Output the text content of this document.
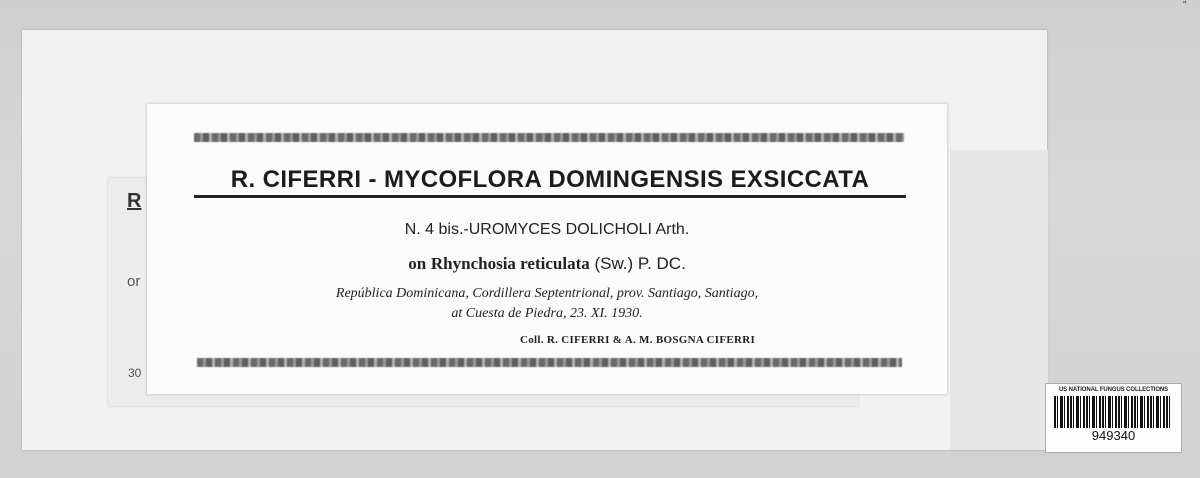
R
or
30
R. CIFERRI - MYCOFLORA DOMINGENSIS EXSICCATA
N. 4 bis.-UROMYCES DOLICHOLI Arth.
on Rhynchosia reticulata (Sw.) P. DC.
República Dominicana, Cordillera Septentrional, prov. Santiago, Santiago,
at Cuesta de Piedra, 23. XI. 1930.
Coll. R. CIFERRI & A. M. BOSGNA CIFERRI
US NATIONAL FUNGUS COLLECTIONS
949340
"
